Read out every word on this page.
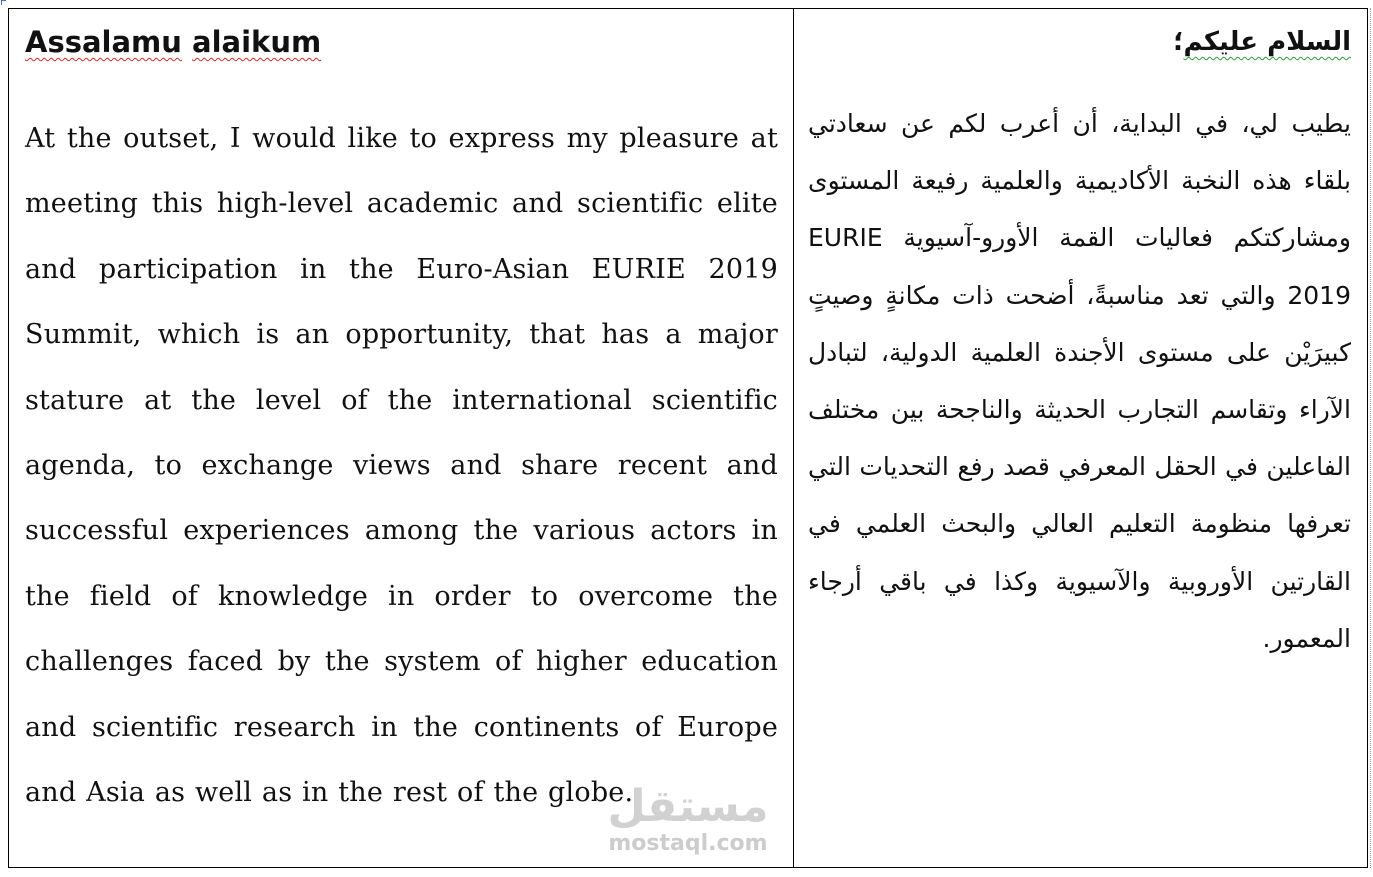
Assalamu alaikum

At the outset, I would like to express my pleasure at meeting this high-level academic and scientific elite and participation in the Euro-Asian EURIE 2019 Summit, which is an opportunity, that has a major stature at the level of the international scientific agenda, to exchange views and share recent and successful experiences among the various actors in the field of knowledge in order to overcome the challenges faced by the system of higher education and scientific research in the continents of Europe and Asia as well as in the rest of the globe.

السلام عليكم؛

يطيب لي، في البداية، أن أعرب لكم عن سعادتي بلقاء هذه النخبة الأكاديمية والعلمية رفيعة المستوى ومشاركتكم فعاليات القمة الأورو-آسيوية EURIE 2019 والتي تعد مناسبةً، أضحت ذات مكانةٍ وصيتٍ كبيرَيْن على مستوى الأجندة العلمية الدولية، لتبادل الآراء وتقاسم التجارب الحديثة والناجحة بين مختلف الفاعلين في الحقل المعرفي قصد رفع التحديات التي تعرفها منظومة التعليم العالي والبحث العلمي في القارتين الأوروبية والآسيوية وكذا في باقي أرجاء المعمور.

مستقل
mostaql.com
